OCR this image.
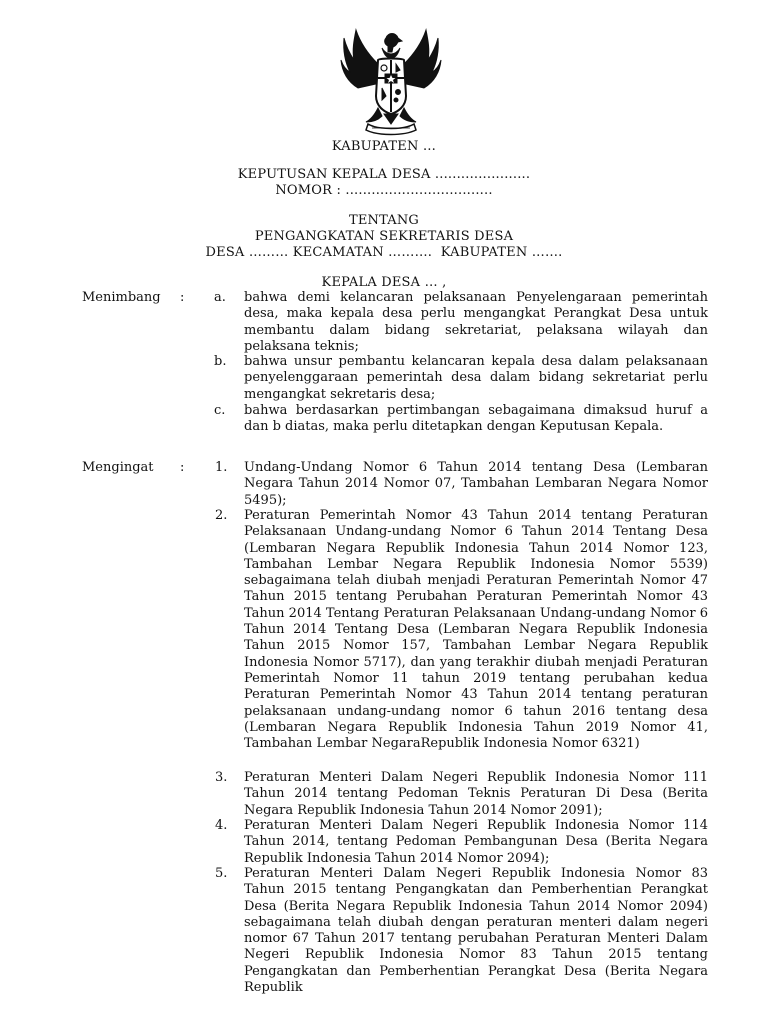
KABUPATEN …
KEPUTUSAN KEPALA DESA ......................
NOMOR : ..................................
TENTANG
PENGANGKATAN SEKRETARIS DESA
DESA ……… KECAMATAN ……….  KABUPATEN …….
KEPALA DESA … ,
Menimbang : a. bahwa demi kelancaran pelaksanaan Penyelengaraan pemerintah desa, maka kepala desa perlu mengangkat Perangkat Desa untuk membantu dalam bidang sekretariat, pelaksana wilayah dan pelaksana teknis;
b. bahwa unsur pembantu kelancaran kepala desa dalam pelaksanaan penyelenggaraan pemerintah desa dalam bidang sekretariat perlu mengangkat sekretaris desa;
c. bahwa berdasarkan pertimbangan sebagaimana dimaksud huruf a dan b diatas, maka perlu ditetapkan dengan Keputusan Kepala.
Mengingat : 1. Undang-Undang Nomor 6 Tahun 2014 tentang Desa (Lembaran Negara Tahun 2014 Nomor 07, Tambahan Lembaran Negara Nomor 5495);
2. Peraturan Pemerintah Nomor 43 Tahun 2014 tentang Peraturan Pelaksanaan Undang-undang Nomor 6 Tahun 2014 Tentang Desa (Lembaran Negara Republik Indonesia Tahun 2014 Nomor 123, Tambahan Lembar Negara Republik Indonesia Nomor 5539) sebagaimana telah diubah menjadi Peraturan Pemerintah Nomor 47 Tahun 2015 tentang Perubahan Peraturan Pemerintah Nomor 43 Tahun 2014 Tentang Peraturan Pelaksanaan Undang-undang Nomor 6 Tahun 2014 Tentang Desa (Lembaran Negara Republik Indonesia Tahun 2015 Nomor 157, Tambahan Lembar Negara Republik Indonesia Nomor 5717), dan yang terakhir diubah menjadi Peraturan Pemerintah Nomor 11 tahun 2019 tentang perubahan kedua Peraturan Pemerintah Nomor 43 Tahun 2014 tentang peraturan pelaksanaan undang-undang nomor 6 tahun 2016 tentang desa (Lembaran Negara Republik Indonesia Tahun 2019 Nomor 41, Tambahan Lembar NegaraRepublik Indonesia Nomor 6321)
3. Peraturan Menteri Dalam Negeri Republik Indonesia Nomor 111 Tahun 2014 tentang Pedoman Teknis Peraturan Di Desa (Berita Negara Republik Indonesia Tahun 2014 Nomor 2091);
4. Peraturan Menteri Dalam Negeri Republik Indonesia Nomor 114 Tahun 2014, tentang Pedoman Pembangunan Desa (Berita Negara Republik Indonesia Tahun 2014 Nomor 2094);
5. Peraturan Menteri Dalam Negeri Republik Indonesia Nomor 83 Tahun 2015 tentang Pengangkatan dan Pemberhentian Perangkat Desa (Berita Negara Republik Indonesia Tahun 2014 Nomor 2094) sebagaimana telah diubah dengan peraturan menteri dalam negeri nomor 67 Tahun 2017 tentang perubahan Peraturan Menteri Dalam Negeri Republik Indonesia Nomor 83 Tahun 2015 tentang Pengangkatan dan Pemberhentian Perangkat Desa (Berita Negara Republik
